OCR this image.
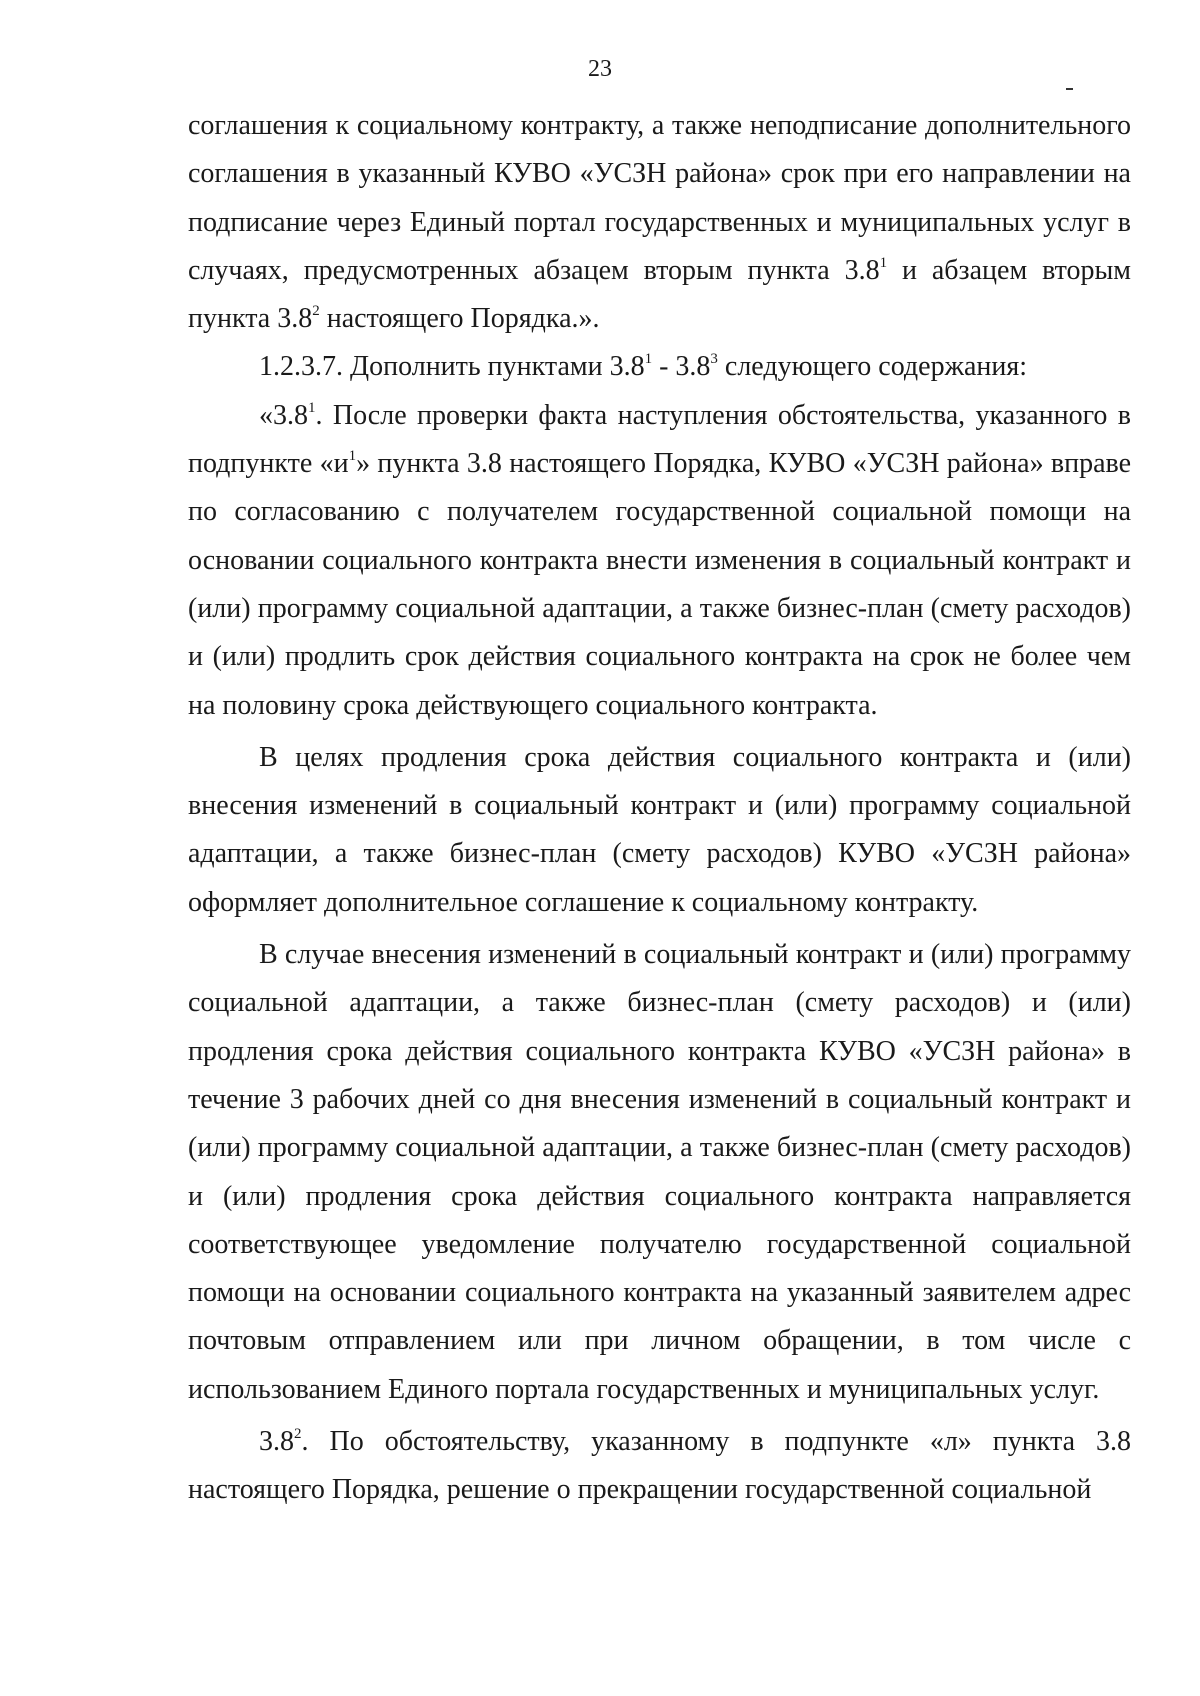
23

соглашения к социальному контракту, а также неподписание дополнительного соглашения в указанный КУВО «УСЗН района» срок при его направлении на подписание через Единый портал государственных и муниципальных услуг в случаях, предусмотренных абзацем вторым пункта $3.8^1$ и абзацем вторым пункта $3.8^2$ настоящего Порядка.».

1.2.3.7. Дополнить пунктами $3.8^1 - 3.8^3$ следующего содержания:

«$3.8^1$. После проверки факта наступления обстоятельства, указанного в подпункте «$и^1$» пункта 3.8 настоящего Порядка, КУВО «УСЗН района» вправе по согласованию с получателем государственной социальной помощи на основании социального контракта внести изменения в социальный контракт и (или) программу социальной адаптации, а также бизнес-план (смету расходов) и (или) продлить срок действия социального контракта на срок не более чем на половину срока действующего социального контракта.

В целях продления срока действия социального контракта и (или) внесения изменений в социальный контракт и (или) программу социальной адаптации, а также бизнес-план (смету расходов) КУВО «УСЗН района» оформляет дополнительное соглашение к социальному контракту.

В случае внесения изменений в социальный контракт и (или) программу социальной адаптации, а также бизнес-план (смету расходов) и (или) продления срока действия социального контракта КУВО «УСЗН района» в течение 3 рабочих дней со дня внесения изменений в социальный контракт и (или) программу социальной адаптации, а также бизнес-план (смету расходов) и (или) продления срока действия социального контракта направляется соответствующее уведомление получателю государственной социальной помощи на основании социального контракта на указанный заявителем адрес почтовым отправлением или при личном обращении, в том числе с использованием Единого портала государственных и муниципальных услуг.

$3.8^2$. По обстоятельству, указанному в подпункте «л» пункта 3.8 настоящего Порядка, решение о прекращении государственной социальной
